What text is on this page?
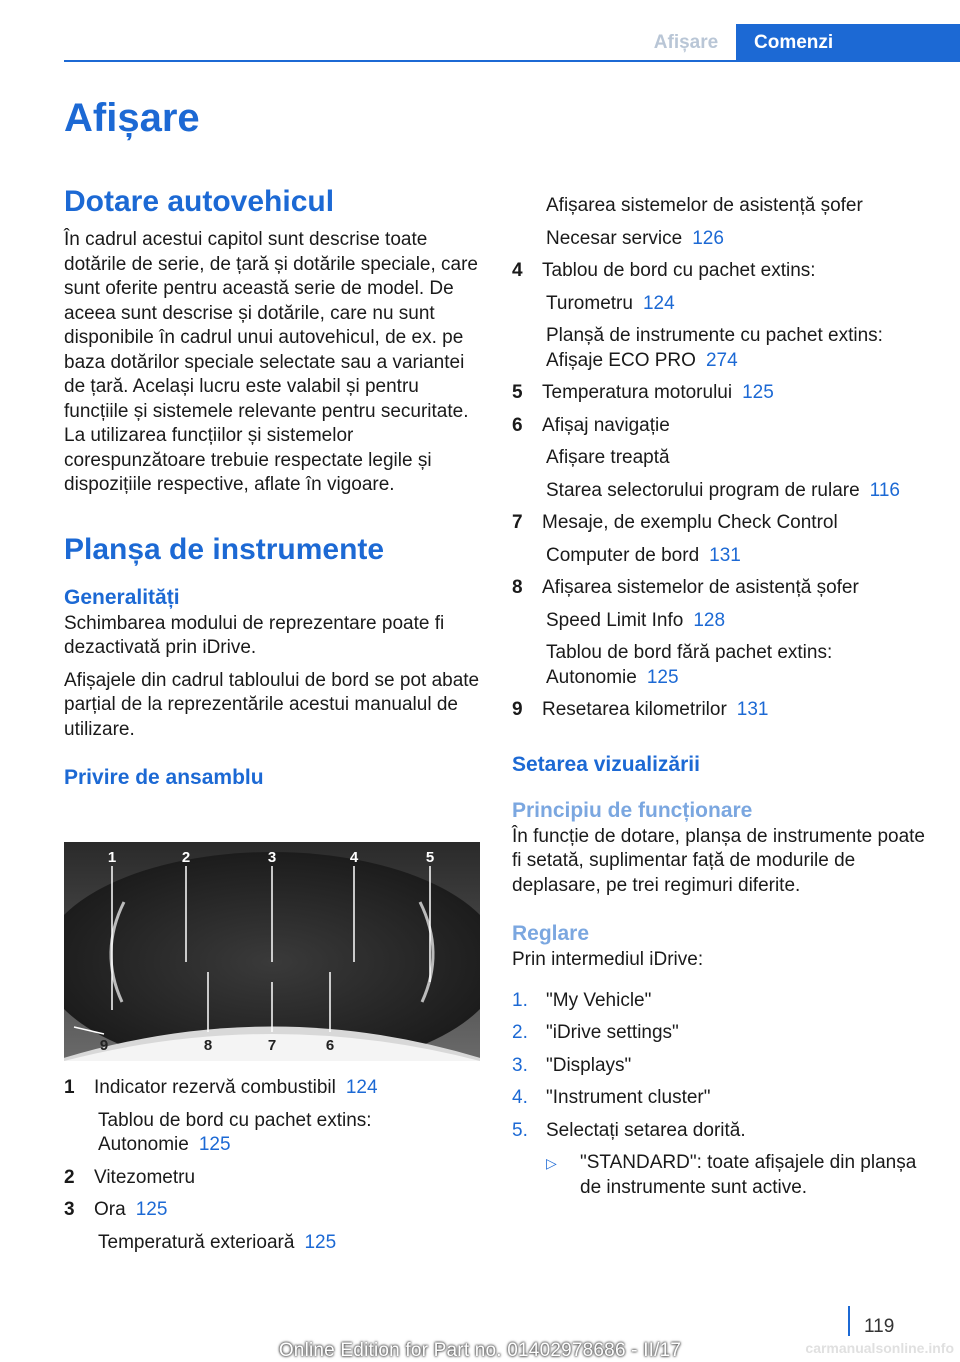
Afișare	Comenzi
Afișare
Dotare autovehicul

În cadrul acestui capitol sunt descrise toate dotările de serie, de țară și dotările speciale, care sunt oferite pentru această serie de model. De aceea sunt descrise și dotările, care nu sunt disponibile în cadrul unui autovehicul, de ex. pe baza dotărilor speciale selectate sau a variantei de țară. Același lucru este valabil și pentru funcțiile și sistemele relevante pentru securitate. La utilizarea funcțiilor și sistemelor corespunzătoare trebuie respectate legile și dispozițiile respective, aflate în vigoare.

Planșa de instrumente
Generalități

Schimbarea modului de reprezentare poate fi dezactivată prin iDrive.

Afișajele din cadrul tabloului de bord se pot abate parțial de la reprezentările acestui manualul de utilizare.

Privire de ansamblu
1	2	3	4	5
9	8	7	6
1	Indicator rezervă combustibil 124
Tablou de bord cu pachet extins: Autonomie 125
2	Vitezometru
3	Ora 125
Temperatură exterioară 125
Afișarea sistemelor de asistență șofer
Necesar service 126
4	Tablou de bord cu pachet extins:
Turometru 124
Planșă de instrumente cu pachet extins: Afișaje ECO PRO 274
5	Temperatura motorului 125
6	Afișaj navigație
Afișare treaptă
Starea selectorului program de rulare 116
7	Mesaje, de exemplu Check Control
Computer de bord 131
8	Afișarea sistemelor de asistență șofer
Speed Limit Info 128
Tablou de bord fără pachet extins: Autonomie 125
9	Resetarea kilometrilor 131
Setarea vizualizării
Principiu de funcționare

În funcție de dotare, planșa de instrumente poate fi setată, suplimentar față de modurile de deplasare, pe trei regimuri diferite.

Reglare

Prin intermediul iDrive:

1. "My Vehicle"
2. "iDrive settings"
3. "Displays"
4. "Instrument cluster"
5. Selectați setarea dorită.
▷	"STANDARD": toate afișajele din planșa de instrumente sunt active.
119
Online Edition for Part no. 01402978686 - II/17	carmanualsonline.info
